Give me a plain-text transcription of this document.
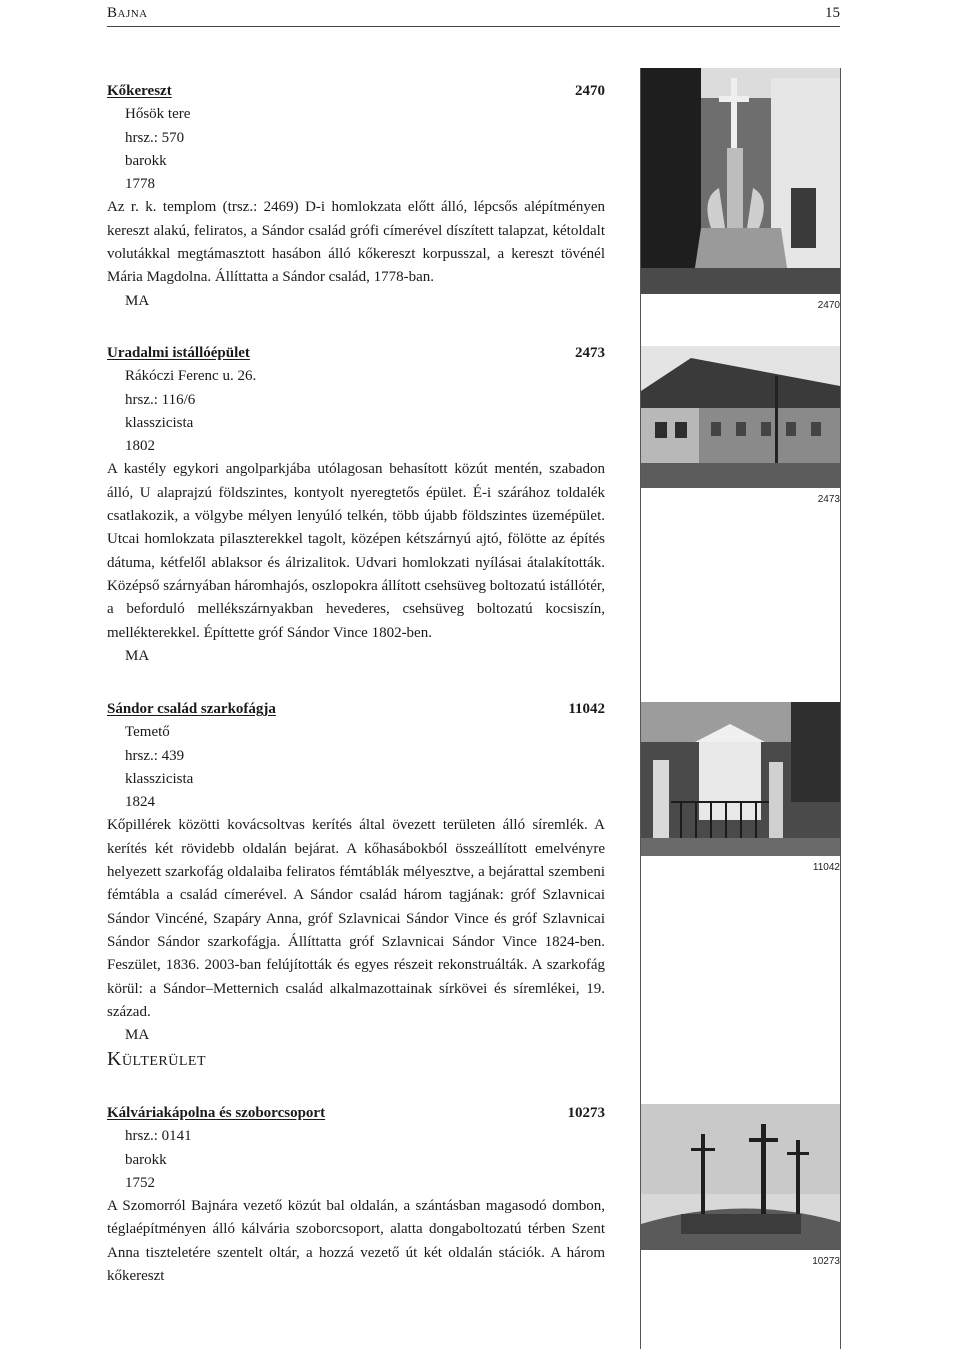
Bajna	15
Kőkereszt	2470
Hősök tere
hrsz.: 570
barokk
1778
Az r. k. templom (trsz.: 2469) D-i homlokzata előtt álló, lépcsős alépítményen kereszt alakú, feliratos, a Sándor család grófi címerével díszített talapzat, kétoldalt volutákkal megtámasztott hasábon álló kőkereszt korpusszal, a kereszt tövénél Mária Magdolna. Állíttatta a Sándor család, 1778-ban.
MA
Uradalmi istállóépület	2473
Rákóczi Ferenc u. 26.
hrsz.: 116/6
klasszicista
1802
A kastély egykori angolparkjába utólagosan behasított közút mentén, szabadon álló, U alaprajzú földszintes, kontyolt nyeregtetős épület. É-i szárához toldalék csatlakozik, a völgybe mélyen lenyúló telkén, több újabb földszintes üzemépület. Utcai homlokzata pilaszterekkel tagolt, középen kétszárnyú ajtó, fölötte az építés dátuma, kétfelől ablaksor és álrizalitok. Udvari homlokzati nyílásai átalakították. Középső szárnyában háromhajós, oszlopokra állított csehsüveg boltozatú istállótér, a beforduló mellékszárnyakban hevederes, csehsüveg boltozatú kocsiszín, mellékterekkel. Építtette gróf Sándor Vince 1802-ben.
MA
Sándor család szarkofágja	11042
Temető
hrsz.: 439
klasszicista
1824
Kőpillérek közötti kovácsoltvas kerítés által övezett területen álló síremlék. A kerítés két rövidebb oldalán bejárat. A kőhasábokból összeállított emelvényre helyezett szarkofág oldalaiba feliratos fémtáblák mélyesztve, a bejárattal szembeni fémtábla a család címerével. A Sándor család három tagjának: gróf Szlavnicai Sándor Vincéné, Szapáry Anna, gróf Szlavnicai Sándor Vince és gróf Szlavnicai Sándor Sándor szarkofágja. Állíttatta gróf Szlavnicai Sándor Vince 1824-ben. Feszület, 1836. 2003-ban felújították és egyes részeit rekonstruálták. A szarkofág körül: a Sándor–Metternich család alkalmazottainak sírkövei és síremlékei, 19. század.
MA
Külterület
Kálváriakápolna és szoborcsoport	10273
hrsz.: 0141
barokk
1752
A Szomorról Bajnára vezető közút bal oldalán, a szántásban magasodó dombon, téglaépítményen álló kálvária szoborcsoport, alatta dongaboltozatú térben Szent Anna tiszteletére szentelt oltár, a hozzá vezető út két oldalán stációk. A három kőkereszt
2470
2473
11042
10273
